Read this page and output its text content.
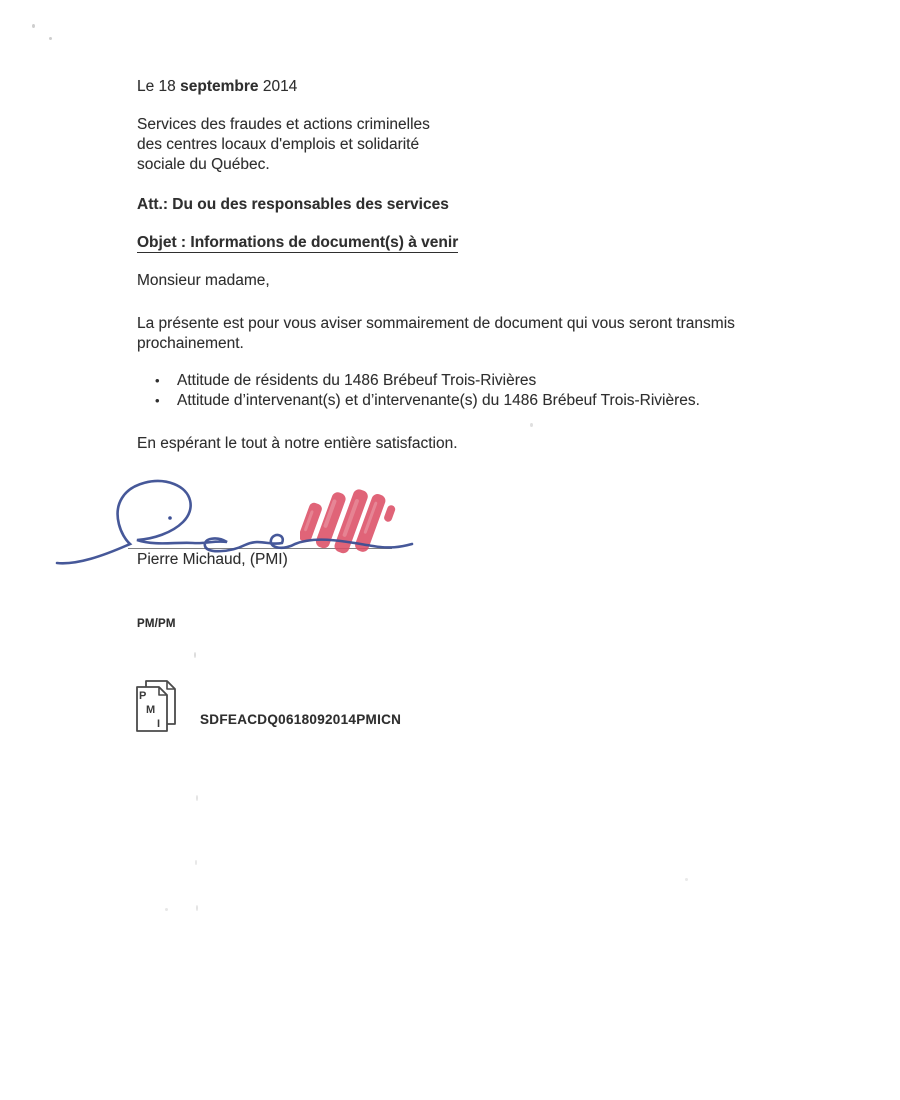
Le 18 septembre 2014
Services des fraudes et actions criminelles
des centres locaux d'emplois et solidarité
sociale du Québec.
Att.: Du ou des responsables des services
Objet : Informations de document(s) à venir
Monsieur madame,
La présente est pour vous aviser sommairement de document qui vous seront transmis
prochainement.
•	Attitude de résidents du 1486 Brébeuf Trois-Rivières
•	Attitude d’intervenant(s) et d’intervenante(s) du 1486 Brébeuf Trois-Rivières.
En espérant le tout à notre entière satisfaction.
Pierre Michaud, (PMI)
PM/PM
P
M
I	SDFEACDQ0618092014PMICN
